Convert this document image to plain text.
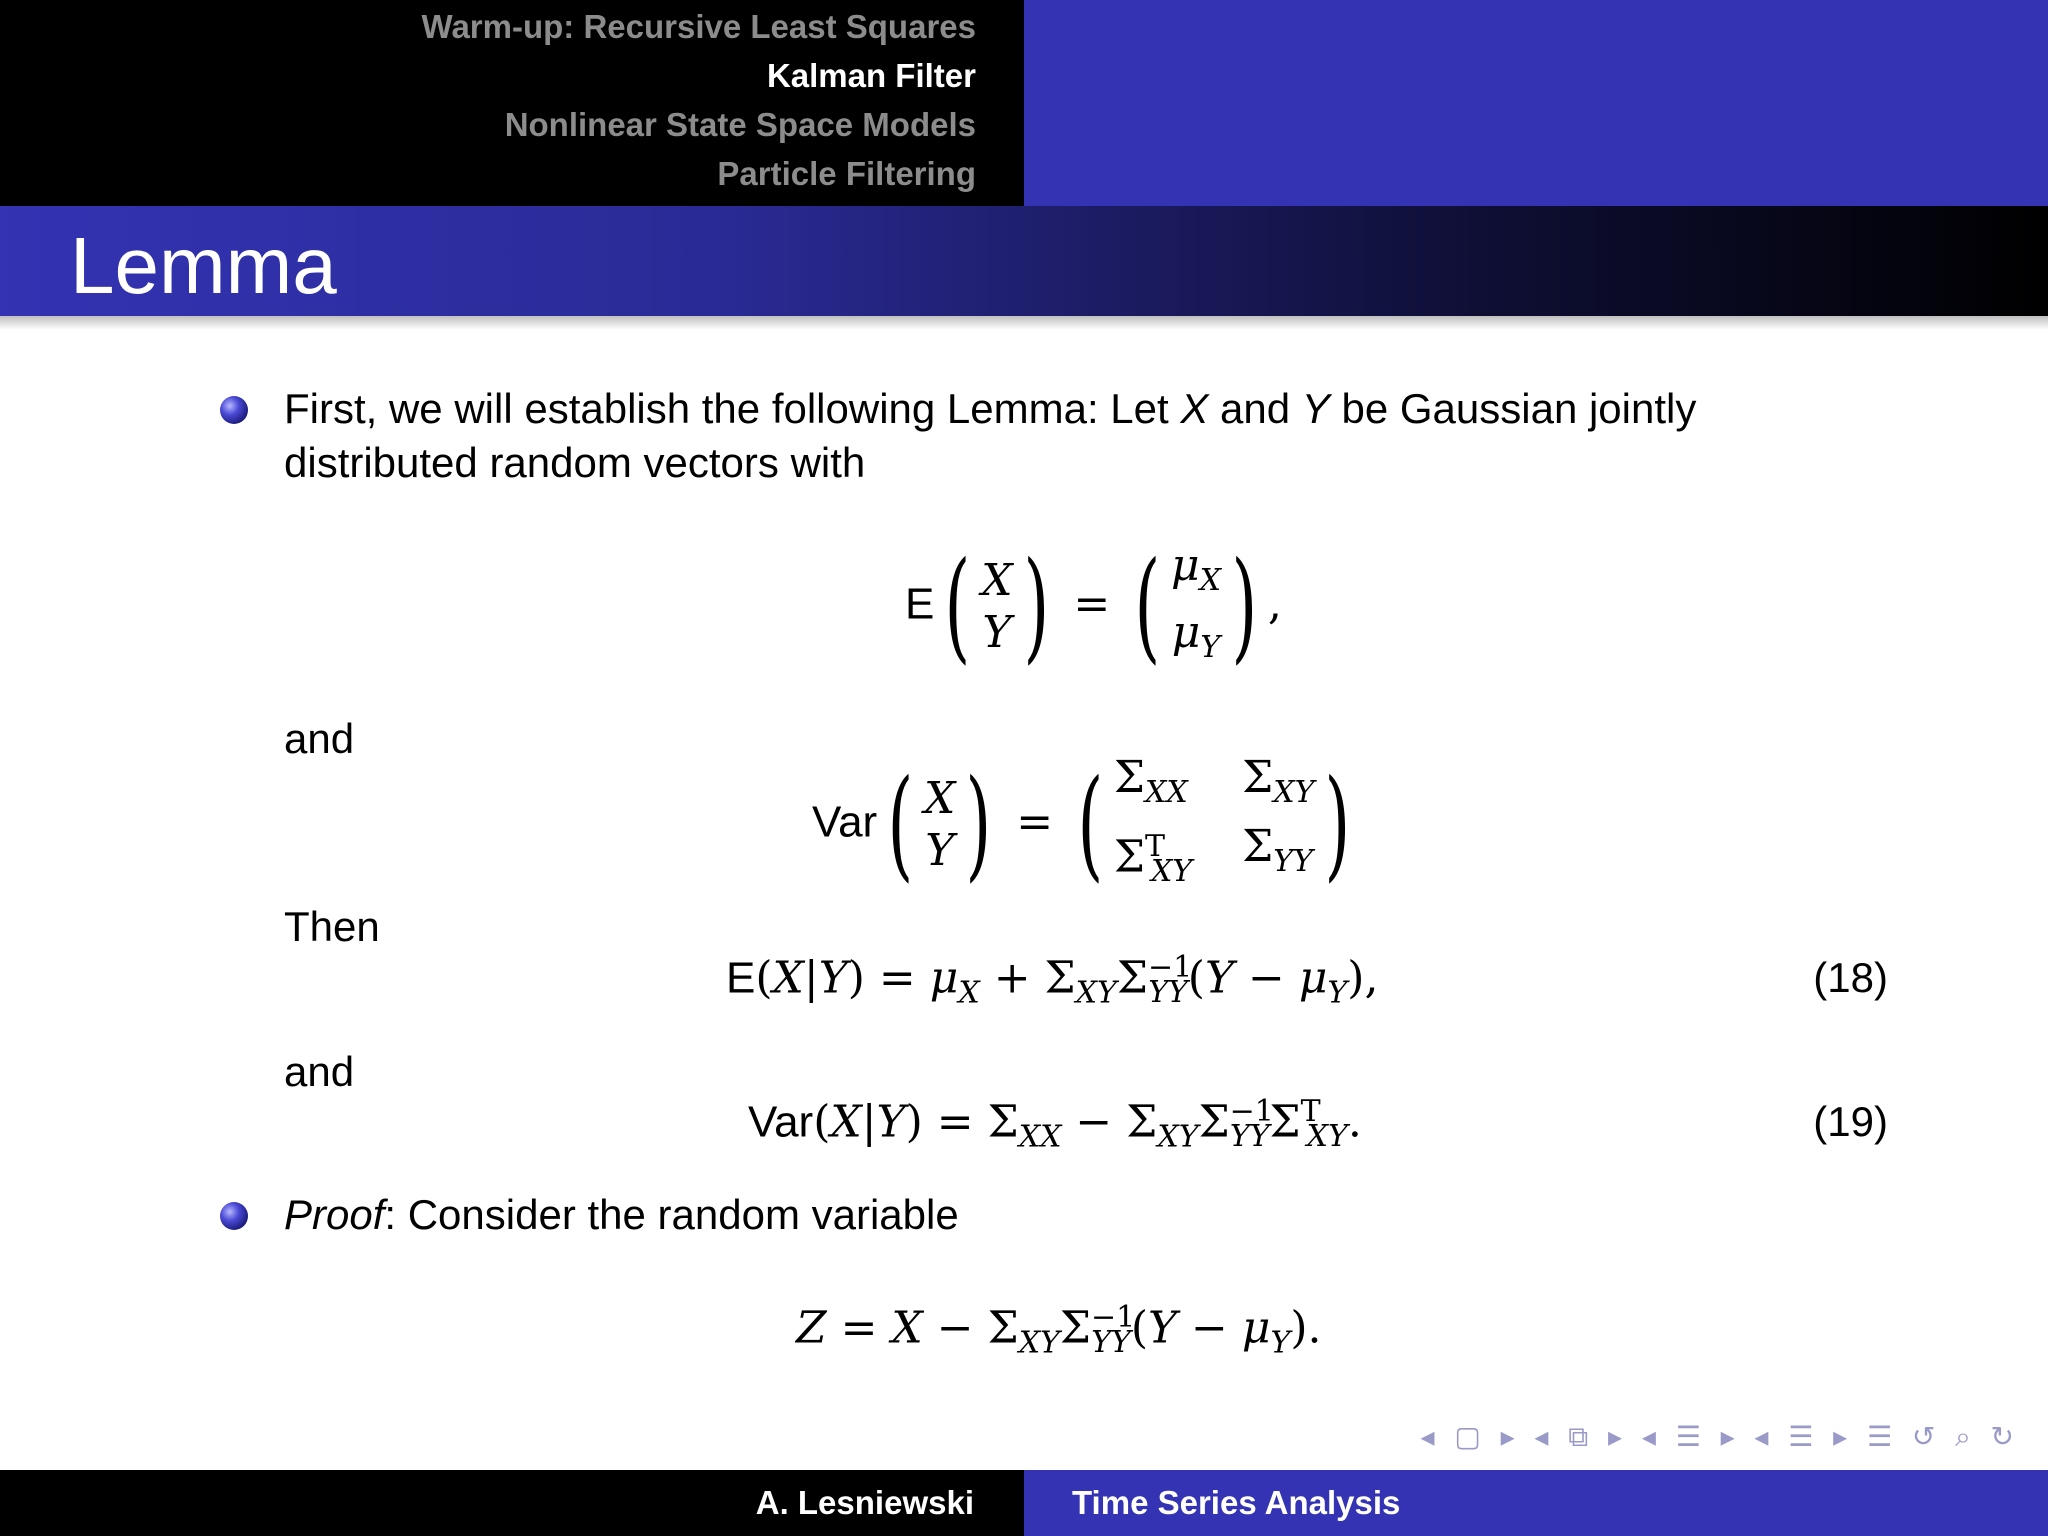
Warm-up: Recursive Least Squares
Kalman Filter
Nonlinear State Space Models
Particle Filtering
Lemma
First, we will establish the following Lemma: Let X and Y be Gaussian jointly
distributed random vectors with
E( X
Y) = ( $\mu_X$
$\mu_Y$) ,
and
Var( X
Y) = ( $\Sigma_{XX}$ $\Sigma_{XY}$
$\Sigma^T_{XY}$ $\Sigma_{YY}$ )
Then
$E(X|Y) = \mu_X + \Sigma_{XY}\Sigma^{-1}_{YY}(Y - \mu_Y)$,	(18)
and
$Var(X|Y) = \Sigma_{XX} - \Sigma_{XY}\Sigma^{-1}_{YY}\Sigma^T_{XY}$.	(19)
Proof: Consider the random variable
$Z = X - \Sigma_{XY}\Sigma^{-1}_{YY}(Y - \mu_Y)$.
◂ ▢ ▸ ◂ ⧉ ▸ ◂ ☰ ▸ ◂ ☰ ▸ ☰ ↺ ⌕ ↻
A. Lesniewski	Time Series Analysis
